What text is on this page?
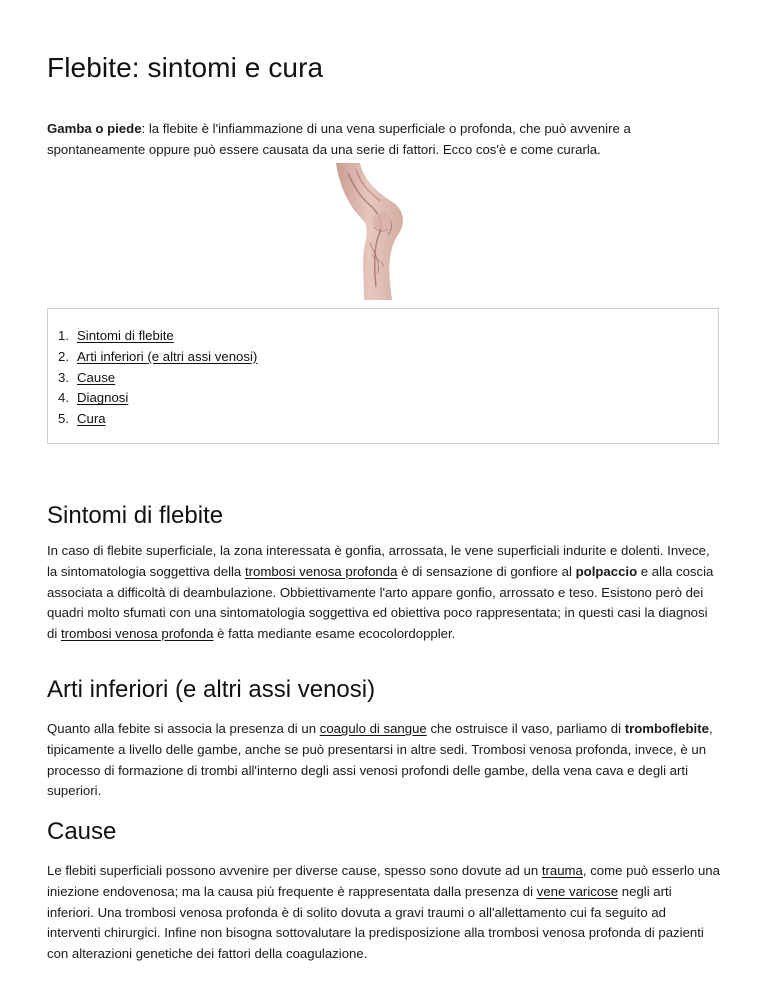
Flebite: sintomi e cura

Gamba o piede: la flebite è l'infiammazione di una vena superficiale o profonda, che può avvenire a spontaneamente oppure può essere causata da una serie di fattori. Ecco cos'è e come curarla.

1. Sintomi di flebite
2. Arti inferiori (e altri assi venosi)
3. Cause
4. Diagnosi
5. Cura
Sintomi di flebite

In caso di flebite superficiale, la zona interessata è gonfia, arrossata, le vene superficiali indurite e dolenti. Invece, la sintomatologia soggettiva della trombosi venosa profonda è di sensazione di gonfiore al polpaccio e alla coscia associata a difficoltà di deambulazione. Obbiettivamente l'arto appare gonfio, arrossato e teso. Esistono però dei quadri molto sfumati con una sintomatologia soggettiva ed obiettiva poco rappresentata; in questi casi la diagnosi di trombosi venosa profonda è fatta mediante esame ecocolordoppler.

Arti inferiori (e altri assi venosi)

Quanto alla febite si associa la presenza di un coagulo di sangue che ostruisce il vaso, parliamo di tromboflebite, tipicamente a livello delle gambe, anche se può presentarsi in altre sedi. Trombosi venosa profonda, invece, è un processo di formazione di trombi all'interno degli assi venosi profondi delle gambe, della vena cava e degli arti superiori.

Cause

Le flebiti superficiali possono avvenire per diverse cause, spesso sono dovute ad un trauma, come può esserlo una iniezione endovenosa; ma la causa più frequente è rappresentata dalla presenza di vene varicose negli arti inferiori. Una trombosi venosa profonda è di solito dovuta a gravi traumi o all'allettamento cui fa seguito ad interventi chirurgici. Infine non bisogna sottovalutare la predisposizione alla trombosi venosa profonda di pazienti con alterazioni genetiche dei fattori della coagulazione.
